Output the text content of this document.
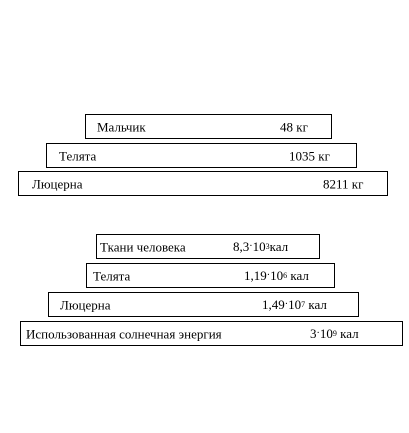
Мальчик	48 кг
Телята	1035 кг
Люцерна	8211 кг
Ткани человека	$8,3\cdot 10^3кал$
Телята	$1,19\cdot 10^6$ кал
Люцерна	$1,49\cdot 10^7$ кал
Использованная солнечная энергия	$3\cdot 10^9$ кал
